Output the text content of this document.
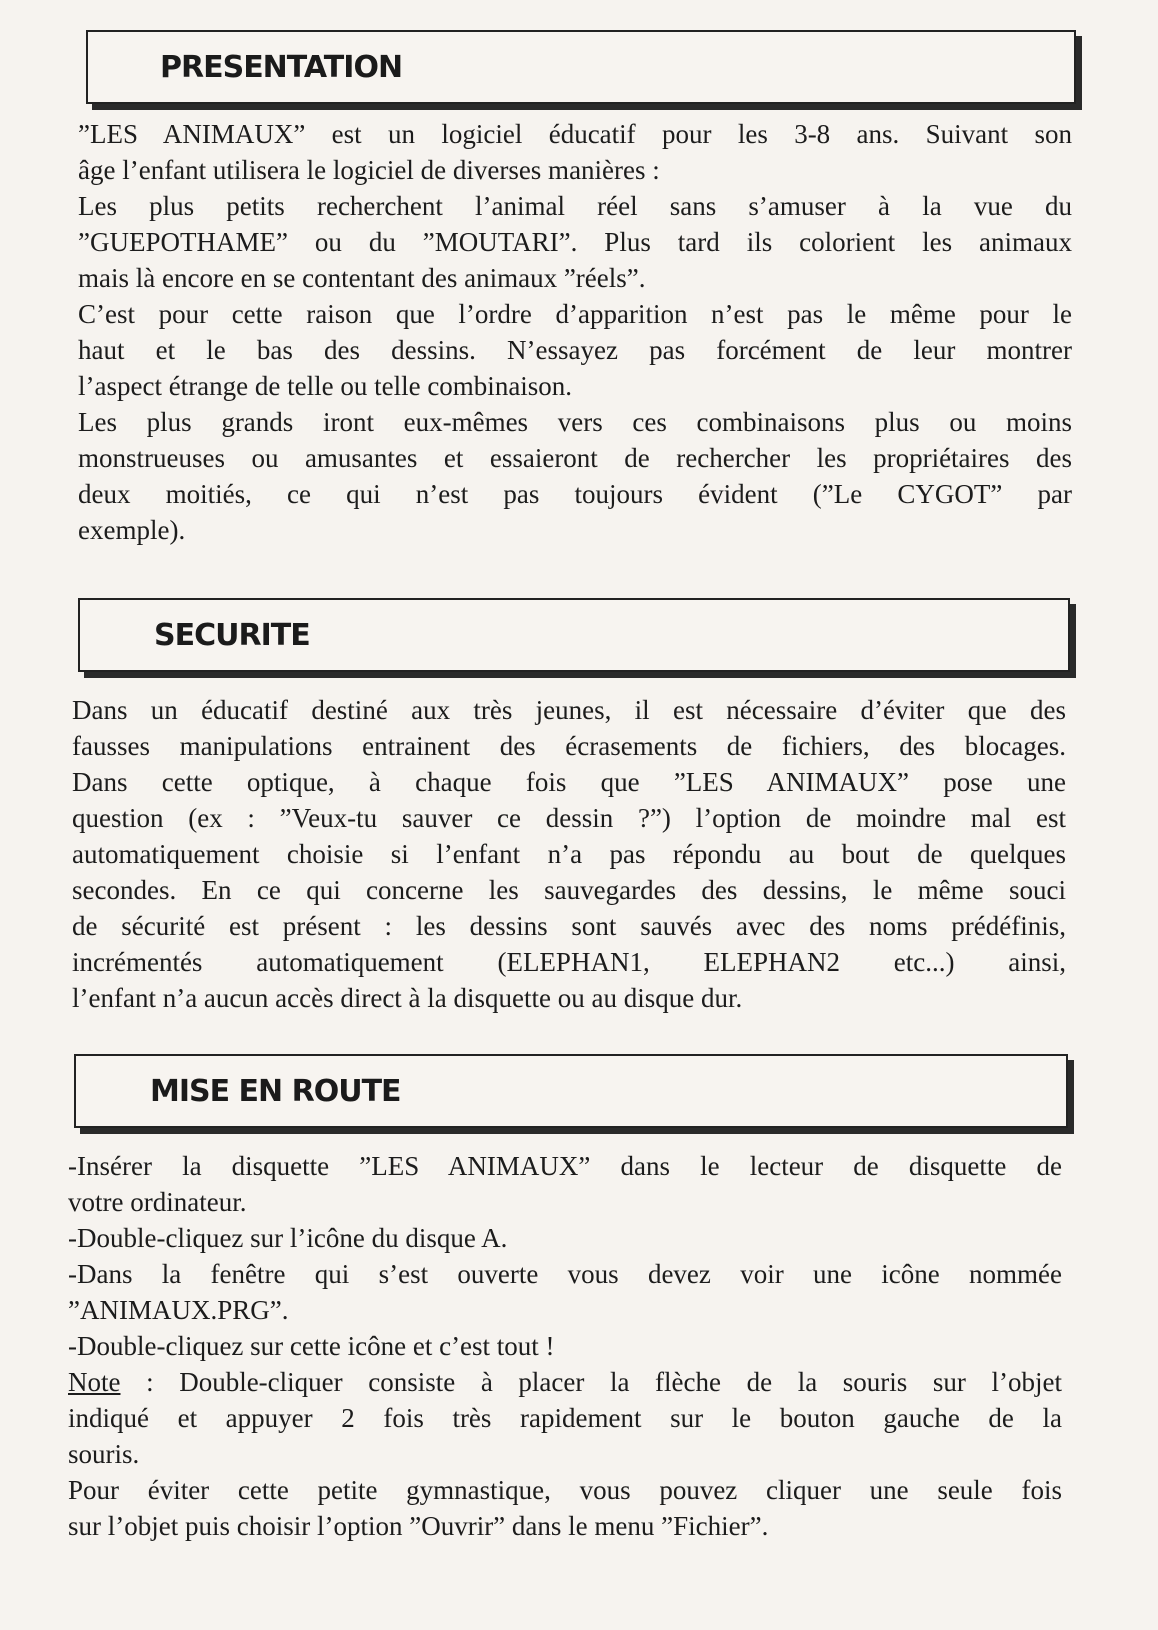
PRESENTATION

”LES ANIMAUX” est un logiciel éducatif pour les 3-8 ans. Suivant son

âge l’enfant utilisera le logiciel de diverses manières :

Les plus petits recherchent l’animal réel sans s’amuser à la vue du

”GUEPOTHAME” ou du ”MOUTARI”. Plus tard ils colorient les animaux

mais là encore en se contentant des animaux ”réels”.

C’est pour cette raison que l’ordre d’apparition n’est pas le même pour le

haut et le bas des dessins. N’essayez pas forcément de leur montrer

l’aspect étrange de telle ou telle combinaison.

Les plus grands iront eux-mêmes vers ces combinaisons plus ou moins

monstrueuses ou amusantes et essaieront de rechercher les propriétaires des

deux moitiés, ce qui n’est pas toujours évident (”Le CYGOT” par

exemple).

SECURITE

Dans un éducatif destiné aux très jeunes, il est nécessaire d’éviter que des

fausses manipulations entrainent des écrasements de fichiers, des blocages.

Dans cette optique, à chaque fois que ”LES ANIMAUX” pose une

question (ex : ”Veux-tu sauver ce dessin ?”) l’option de moindre mal est

automatiquement choisie si l’enfant n’a pas répondu au bout de quelques

secondes. En ce qui concerne les sauvegardes des dessins, le même souci

de sécurité est présent : les dessins sont sauvés avec des noms prédéfinis,

incrémentés automatiquement (ELEPHAN1, ELEPHAN2 etc...) ainsi,

l’enfant n’a aucun accès direct à la disquette ou au disque dur.

MISE EN ROUTE

-Insérer la disquette ”LES ANIMAUX” dans le lecteur de disquette de

votre ordinateur.

-Double-cliquez sur l’icône du disque A.

-Dans la fenêtre qui s’est ouverte vous devez voir une icône nommée

”ANIMAUX.PRG”.

-Double-cliquez sur cette icône et c’est tout !

Note : Double-cliquer consiste à placer la flèche de la souris sur l’objet

indiqué et appuyer 2 fois très rapidement sur le bouton gauche de la

souris.

Pour éviter cette petite gymnastique, vous pouvez cliquer une seule fois

sur l’objet puis choisir l’option ”Ouvrir” dans le menu ”Fichier”.
